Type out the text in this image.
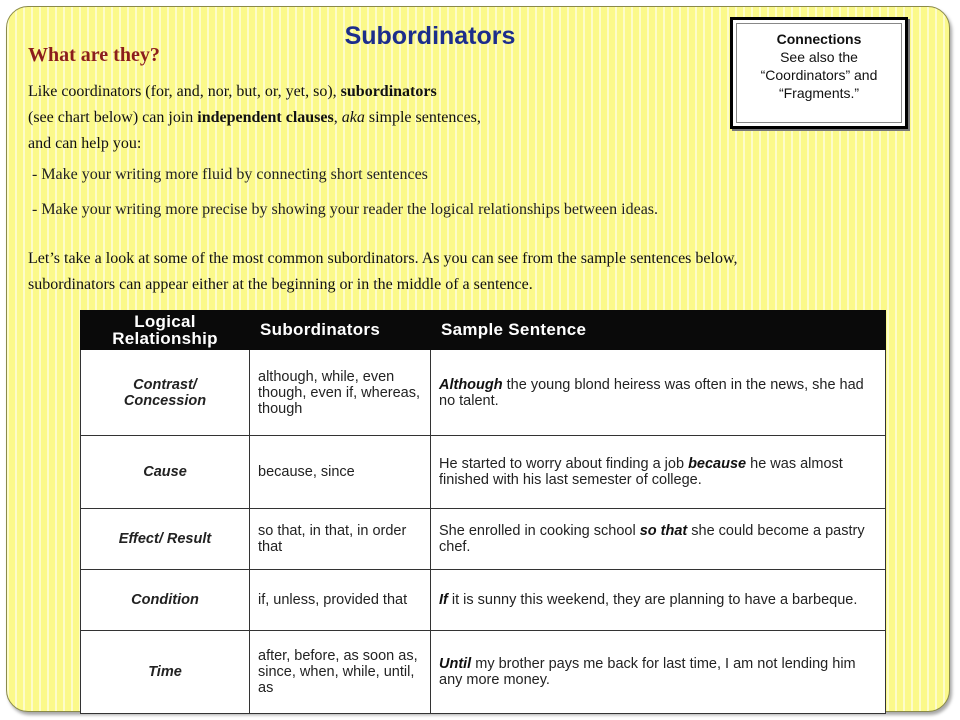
Subordinators
What are they?
Like coordinators (for, and, nor, but, or, yet, so), subordinators
(see chart below) can join independent clauses, aka simple sentences,
and can help you:
- Make your writing more fluid by connecting short sentences
- Make your writing more precise by showing your reader the logical relationships between ideas.
Let’s take a look at some of the most common subordinators. As you can see from the sample sentences below,
subordinators can appear either at the beginning or in the middle of a sentence.
Connections
See also the
“Coordinators” and
“Fragments.”
Logical
Relationship	Subordinators	Sample Sentence
Contrast/
Concession	although, while, even though, even if, whereas, though	Although the young blond heiress was often in the news, she had no talent.
Cause	because, since	He started to worry about finding a job because he was almost finished with his last semester of college.
Effect/ Result	so that, in that, in order that	She enrolled in cooking school so that she could become a pastry chef.
Condition	if, unless, provided that	If it is sunny this weekend, they are planning to have a barbeque.
Time	after, before, as soon as, since, when, while, until, as	Until my brother pays me back for last time, I am not lending him any more money.
